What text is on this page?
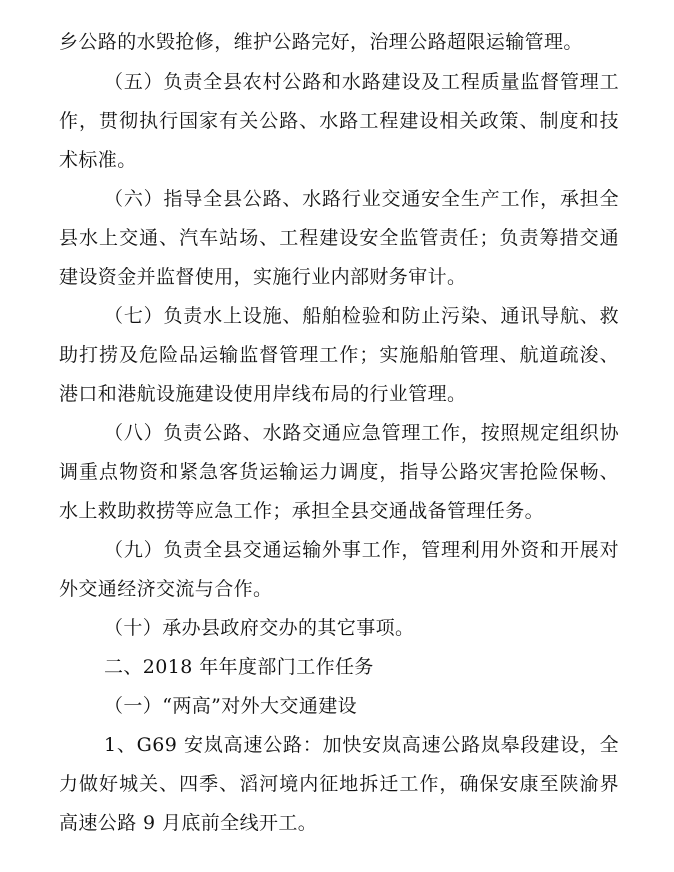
乡公路的水毁抢修，维护公路完好，治理公路超限运输管理。
（五）负责全县农村公路和水路建设及工程质量监督管理工
作，贯彻执行国家有关公路、水路工程建设相关政策、制度和技
术标准。
（六）指导全县公路、水路行业交通安全生产工作，承担全
县水上交通、汽车站场、工程建设安全监管责任；负责筹措交通
建设资金并监督使用，实施行业内部财务审计。
（七）负责水上设施、船舶检验和防止污染、通讯导航、救
助打捞及危险品运输监督管理工作；实施船舶管理、航道疏浚、
港口和港航设施建设使用岸线布局的行业管理。
（八）负责公路、水路交通应急管理工作，按照规定组织协
调重点物资和紧急客货运输运力调度，指导公路灾害抢险保畅、
水上救助救捞等应急工作；承担全县交通战备管理任务。
（九）负责全县交通运输外事工作，管理利用外资和开展对
外交通经济交流与合作。
（十）承办县政府交办的其它事项。
二、2018 年年度部门工作任务
（一）“两高”对外大交通建设
1、G69 安岚高速公路：加快安岚高速公路岚皋段建设，全
力做好城关、四季、滔河境内征地拆迁工作，确保安康至陕渝界
高速公路 9 月底前全线开工。
